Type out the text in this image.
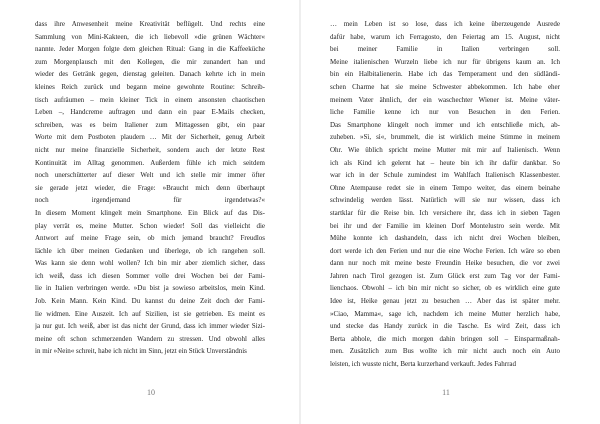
dass ihre Anwesenheit meine Kreativität beflügelt. Und rechts eine
Sammlung von Mini-Kakteen, die ich liebevoll »die grünen Wächter«
nannte. Jeder Morgen folgte dem gleichen Ritual: Gang in die Kaffeeküche
zum Morgenplausch mit den Kollegen, die mir zunandert han und
wieder des Getränk gegen, dienstag geleiten. Danach kehrte ich in mein
kleines Reich zurück und begann meine gewohnte Routine: Schreib-
tisch aufräumen – mein kleiner Tick in einem ansonsten chaotischen
Leben –, Handcreme auftragen und dann ein paar E-Mails checken,
schreiben, was es beim Italiener zum Mittagessen gibt, ein paar
Worte mit dem Postboten plaudern … Mit der Sicherheit, genug Arbeit
nicht nur meine finanzielle Sicherheit, sondern auch der letzte Rest
Kontinuität im Alltag genommen. Außerdem fühle ich mich seitdem
noch unerschütterter auf dieser Welt und ich stelle mir immer öfter
sie gerade jetzt wieder, die Frage: »Braucht mich denn überhaupt
noch irgendjemand für irgendetwas?«
In diesem Moment klingelt mein Smartphone. Ein Blick auf das Dis-
play verrät es, meine Mutter. Schon wieder! Soll das vielleicht die
Antwort auf meine Frage sein, ob mich jemand braucht? Freudlos
lächle ich über meinen Gedanken und überlege, ob ich rangehen soll.
Was kann sie denn wohl wollen? Ich bin mir aber ziemlich sicher, dass
ich weiß, dass ich diesen Sommer volle drei Wochen bei der Fami-
lie in Italien verbringen werde. »Du bist ja sowieso arbeitslos, mein Kind.
Job. Kein Mann. Kein Kind. Du kannst du deine Zeit doch der Fami-
lie widmen. Eine Auszeit. Ich auf Sizilien, ist sie getrieben. Es meint es
ja nur gut. Ich weiß, aber ist das nicht der Grund, dass ich immer wieder Sizi-
meine oft schon schmerzenden Wandern zu stressen. Und obwohl alles
in mir »Nein« schreit, habe ich nicht im Sinn, jetzt ein Stück Unverständnis
10
… mein Leben ist so lose, dass ich keine überzeugende Ausrede
dafür habe, warum ich Ferragosto, den Feiertag am 15. August, nicht
bei meiner Familie in Italien verbringen soll.
Meine italienischen Wurzeln liebe ich nur für übrigens kaum an. Ich
bin ein Halbitalienerin. Habe ich das Temperament und den südländi-
schen Charme hat sie meine Schwester abbekommen. Ich habe eher
meinem Vater ähnlich, der ein waschechter Wiener ist. Meine väter-
liche Familie kenne ich nur von Besuchen in den Ferien.
Das Smartphone klingelt noch immer und ich entschließe mich, ab-
zuheben. »Sì, sì«, brummelt, die ist wirklich meine Stimme in meinem
Ohr. Wie üblich spricht meine Mutter mit mir auf Italienisch. Wenn
ich als Kind ich gelernt hat – heute bin ich ihr dafür dankbar. So
war ich in der Schule zumindest im Wahlfach Italienisch Klassenbester.
Ohne Atempause redet sie in einem Tempo weiter, das einem beinahe
schwindelig werden lässt. Natürlich will sie nur wissen, dass ich
startklar für die Reise bin. Ich versichere ihr, dass ich in sieben Tagen
bei ihr und der Familie im kleinen Dorf Montelustro sein werde. Mit
Mühe konnte ich dashandeln, dass ich nicht drei Wochen bleiben,
dort werde ich den Ferien und nur die eine Woche Ferien. Ich wäre so eben
dann nur noch mit meine beste Freundin Heike besuchen, die vor zwei
Jahren nach Tirol gezogen ist. Zum Glück erst zum Tag vor der Fami-
lienchaos. Obwohl – ich bin mir nicht so sicher, ob es wirklich eine gute
Idee ist, Heike genau jetzt zu besuchen … Aber das ist später mehr.
»Ciao, Mamma«, sage ich, nachdem ich meine Mutter herzlich habe,
und stecke das Handy zurück in die Tasche. Es wird Zeit, dass ich
Berta abhole, die mich morgen dahin bringen soll – Einsparmaßnah-
men. Zusätzlich zum Bus wollte ich mir nicht auch noch ein Auto
leisten, ich wusste nicht, Berta kurzerhand verkauft. Jedes Fahrrad
11
